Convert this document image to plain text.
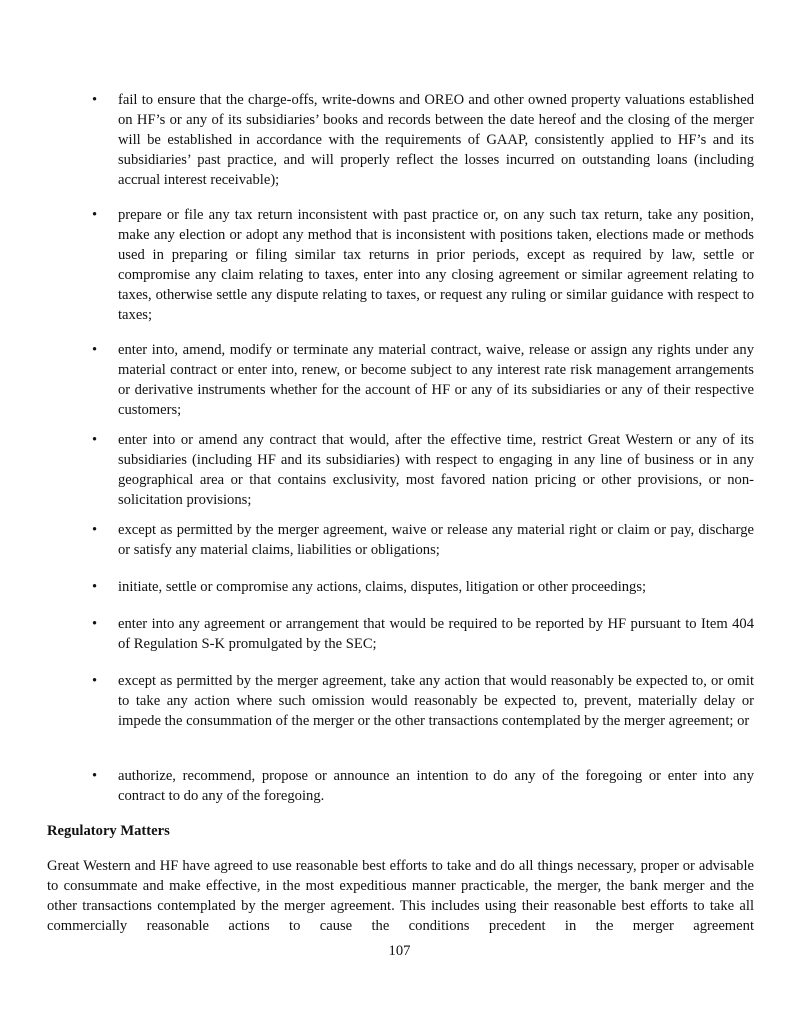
• fail to ensure that the charge-offs, write-downs and OREO and other owned property valuations established on HF’s or any of its subsidiaries’ books and records between the date hereof and the closing of the merger will be established in accordance with the requirements of GAAP, consistently applied to HF’s and its subsidiaries’ past practice, and will properly reflect the losses incurred on outstanding loans (including accrual interest receivable);
• prepare or file any tax return inconsistent with past practice or, on any such tax return, take any position, make any election or adopt any method that is inconsistent with positions taken, elections made or methods used in preparing or filing similar tax returns in prior periods, except as required by law, settle or compromise any claim relating to taxes, enter into any closing agreement or similar agreement relating to taxes, otherwise settle any dispute relating to taxes, or request any ruling or similar guidance with respect to taxes;
• enter into, amend, modify or terminate any material contract, waive, release or assign any rights under any material contract or enter into, renew, or become subject to any interest rate risk management arrangements or derivative instruments whether for the account of HF or any of its subsidiaries or any of their respective customers;
• enter into or amend any contract that would, after the effective time, restrict Great Western or any of its subsidiaries (including HF and its subsidiaries) with respect to engaging in any line of business or in any geographical area or that contains exclusivity, most favored nation pricing or other provisions, or non-solicitation provisions;
• except as permitted by the merger agreement, waive or release any material right or claim or pay, discharge or satisfy any material claims, liabilities or obligations;
• initiate, settle or compromise any actions, claims, disputes, litigation or other proceedings;
• enter into any agreement or arrangement that would be required to be reported by HF pursuant to Item 404 of Regulation S-K promulgated by the SEC;
• except as permitted by the merger agreement, take any action that would reasonably be expected to, or omit to take any action where such omission would reasonably be expected to, prevent, materially delay or impede the consummation of the merger or the other transactions contemplated by the merger agreement; or
• authorize, recommend, propose or announce an intention to do any of the foregoing or enter into any contract to do any of the foregoing.
Regulatory Matters
Great Western and HF have agreed to use reasonable best efforts to take and do all things necessary, proper or advisable to consummate and make effective, in the most expeditious manner practicable, the merger, the bank merger and the other transactions contemplated by the merger agreement. This includes using their reasonable best efforts to take all commercially reasonable actions to cause the conditions precedent in the merger agreement
107
